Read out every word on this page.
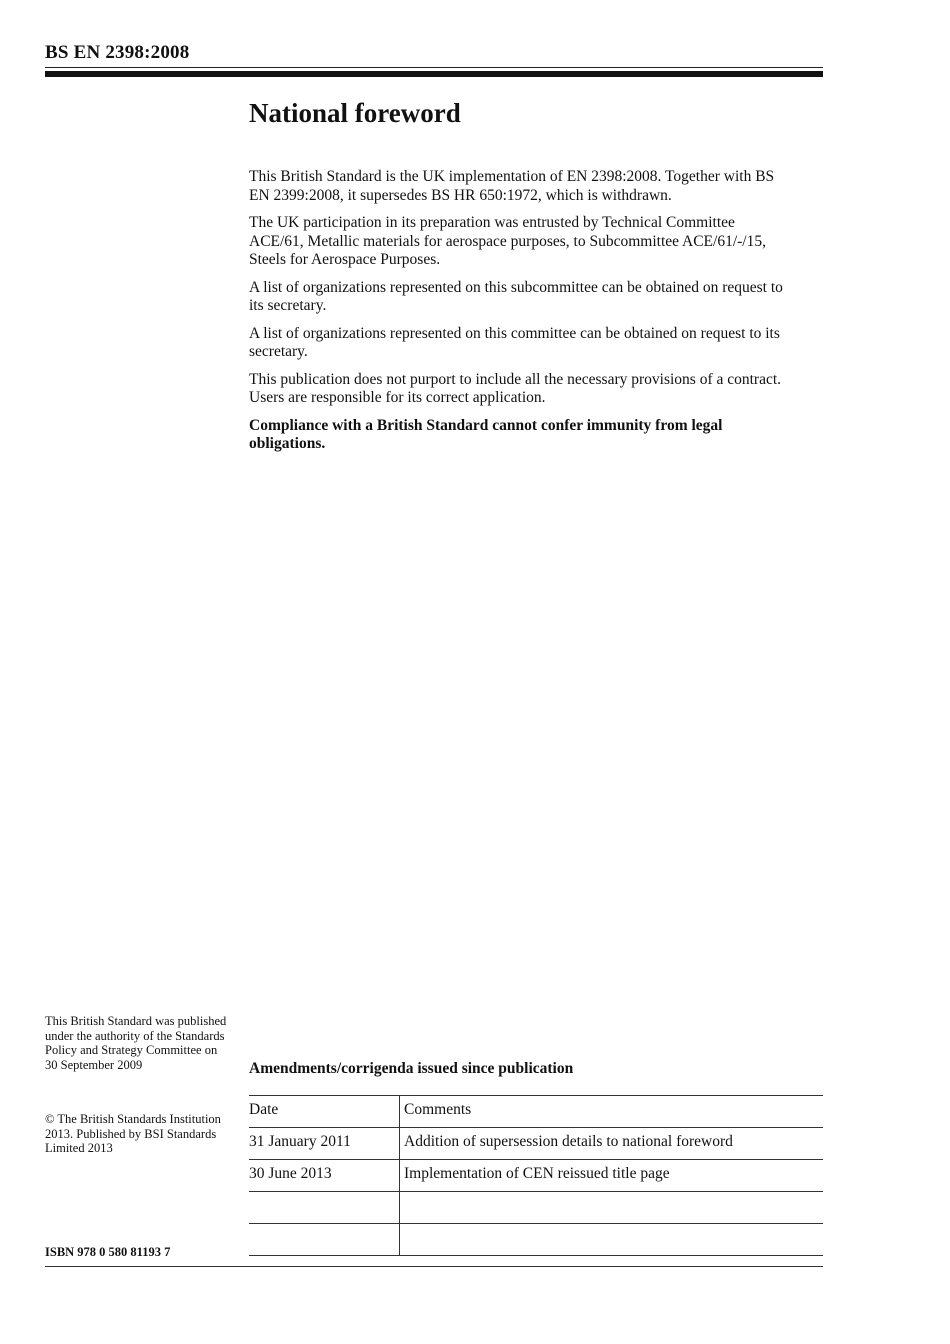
BS EN 2398:2008
National foreword

This British Standard is the UK implementation of EN 2398:2008. Together with BS EN 2399:2008, it supersedes BS HR 650:1972, which is withdrawn.

The UK participation in its preparation was entrusted by Technical Committee ACE/61, Metallic materials for aerospace purposes, to Subcommittee ACE/61/-/15, Steels for Aerospace Purposes.

A list of organizations represented on this subcommittee can be obtained on request to its secretary.

A list of organizations represented on this committee can be obtained on request to its secretary.

This publication does not purport to include all the necessary provisions of a contract. Users are responsible for its correct application.

Compliance with a British Standard cannot confer immunity from legal obligations.

This British Standard was published under the authority of the Standards Policy and Strategy Committee on 30 September 2009
© The British Standards Institution 2013. Published by BSI Standards Limited 2013
ISBN 978 0 580 81193 7
Amendments/corrigenda issued since publication
Date	Comments

31 January 2011	Addition of supersession details to national foreword

30 June 2013	Implementation of CEN reissued title page
